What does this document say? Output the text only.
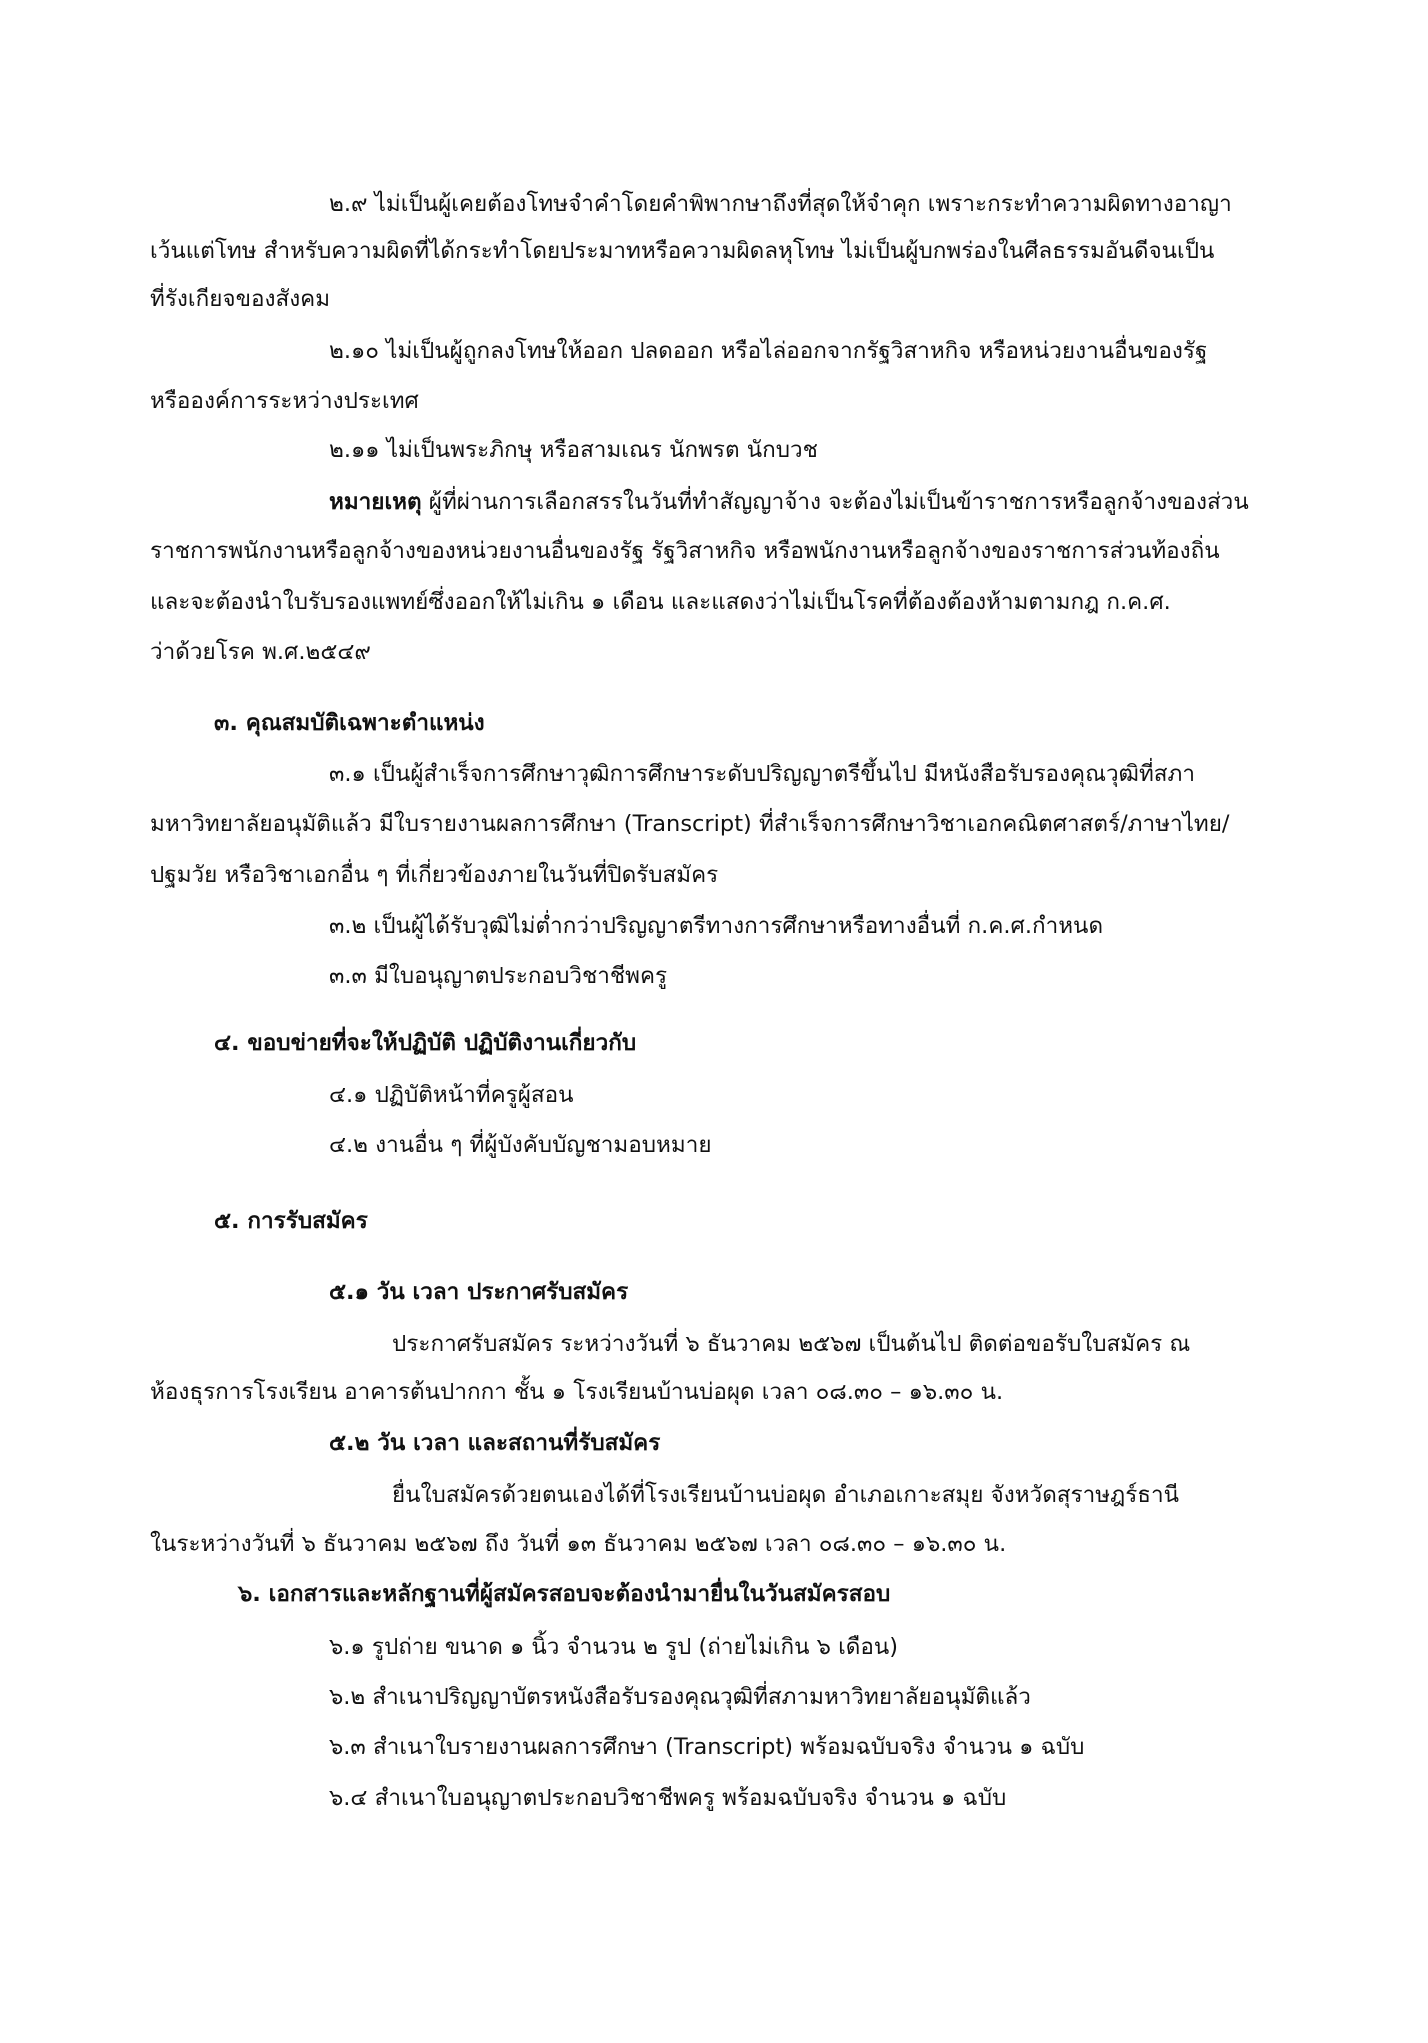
๒.๙ ไม่เป็นผู้เคยต้องโทษจำคำโดยคำพิพากษาถึงที่สุดให้จำคุก เพราะกระทำความผิดทางอาญา
เว้นแต่โทษ สำหรับความผิดที่ได้กระทำโดยประมาทหรือความผิดลหุโทษ ไม่เป็นผู้บกพร่องในศีลธรรมอันดีจนเป็น
ที่รังเกียจของสังคม
๒.๑๐ ไม่เป็นผู้ถูกลงโทษให้ออก ปลดออก หรือไล่ออกจากรัฐวิสาหกิจ หรือหน่วยงานอื่นของรัฐ
หรือองค์การระหว่างประเทศ
๒.๑๑ ไม่เป็นพระภิกษุ หรือสามเณร นักพรต นักบวช
หมายเหตุ ผู้ที่ผ่านการเลือกสรรในวันที่ทำสัญญาจ้าง จะต้องไม่เป็นข้าราชการหรือลูกจ้างของส่วน
ราชการพนักงานหรือลูกจ้างของหน่วยงานอื่นของรัฐ รัฐวิสาหกิจ หรือพนักงานหรือลูกจ้างของราชการส่วนท้องถิ่น
และจะต้องนำใบรับรองแพทย์ซึ่งออกให้ไม่เกิน ๑ เดือน และแสดงว่าไม่เป็นโรคที่ต้องต้องห้ามตามกฎ ก.ค.ศ.
ว่าด้วยโรค พ.ศ.๒๕๔๙
๓. คุณสมบัติเฉพาะตำแหน่ง
๓.๑ เป็นผู้สำเร็จการศึกษาวุฒิการศึกษาระดับปริญญาตรีขึ้นไป มีหนังสือรับรองคุณวุฒิที่สภา
มหาวิทยาลัยอนุมัติแล้ว มีใบรายงานผลการศึกษา (Transcript) ที่สำเร็จการศึกษาวิชาเอกคณิตศาสตร์/ภาษาไทย/
ปฐมวัย หรือวิชาเอกอื่น ๆ ที่เกี่ยวข้องภายในวันที่ปิดรับสมัคร
๓.๒ เป็นผู้ได้รับวุฒิไม่ต่ำกว่าปริญญาตรีทางการศึกษาหรือทางอื่นที่ ก.ค.ศ.กำหนด
๓.๓ มีใบอนุญาตประกอบวิชาชีพครู
๔. ขอบข่ายที่จะให้ปฏิบัติ ปฏิบัติงานเกี่ยวกับ
๔.๑ ปฏิบัติหน้าที่ครูผู้สอน
๔.๒ งานอื่น ๆ ที่ผู้บังคับบัญชามอบหมาย
๕. การรับสมัคร
๕.๑ วัน เวลา ประกาศรับสมัคร
ประกาศรับสมัคร ระหว่างวันที่ ๖ ธันวาคม ๒๕๖๗ เป็นต้นไป ติดต่อขอรับใบสมัคร ณ
ห้องธุรการโรงเรียน อาคารต้นปากกา ชั้น ๑ โรงเรียนบ้านบ่อผุด เวลา ๐๘.๓๐ – ๑๖.๓๐ น.
๕.๒ วัน เวลา และสถานที่รับสมัคร
ยื่นใบสมัครด้วยตนเองได้ที่โรงเรียนบ้านบ่อผุด อำเภอเกาะสมุย จังหวัดสุราษฎร์ธานี
ในระหว่างวันที่ ๖ ธันวาคม ๒๕๖๗ ถึง วันที่ ๑๓ ธันวาคม ๒๕๖๗ เวลา ๐๘.๓๐ – ๑๖.๓๐ น.
๖. เอกสารและหลักฐานที่ผู้สมัครสอบจะต้องนำมายื่นในวันสมัครสอบ
๖.๑ รูปถ่าย ขนาด ๑ นิ้ว จำนวน ๒ รูป (ถ่ายไม่เกิน ๖ เดือน)
๖.๒ สำเนาปริญญาบัตรหนังสือรับรองคุณวุฒิที่สภามหาวิทยาลัยอนุมัติแล้ว
๖.๓ สำเนาใบรายงานผลการศึกษา (Transcript) พร้อมฉบับจริง จำนวน ๑ ฉบับ
๖.๔ สำเนาใบอนุญาตประกอบวิชาชีพครู พร้อมฉบับจริง จำนวน ๑ ฉบับ
